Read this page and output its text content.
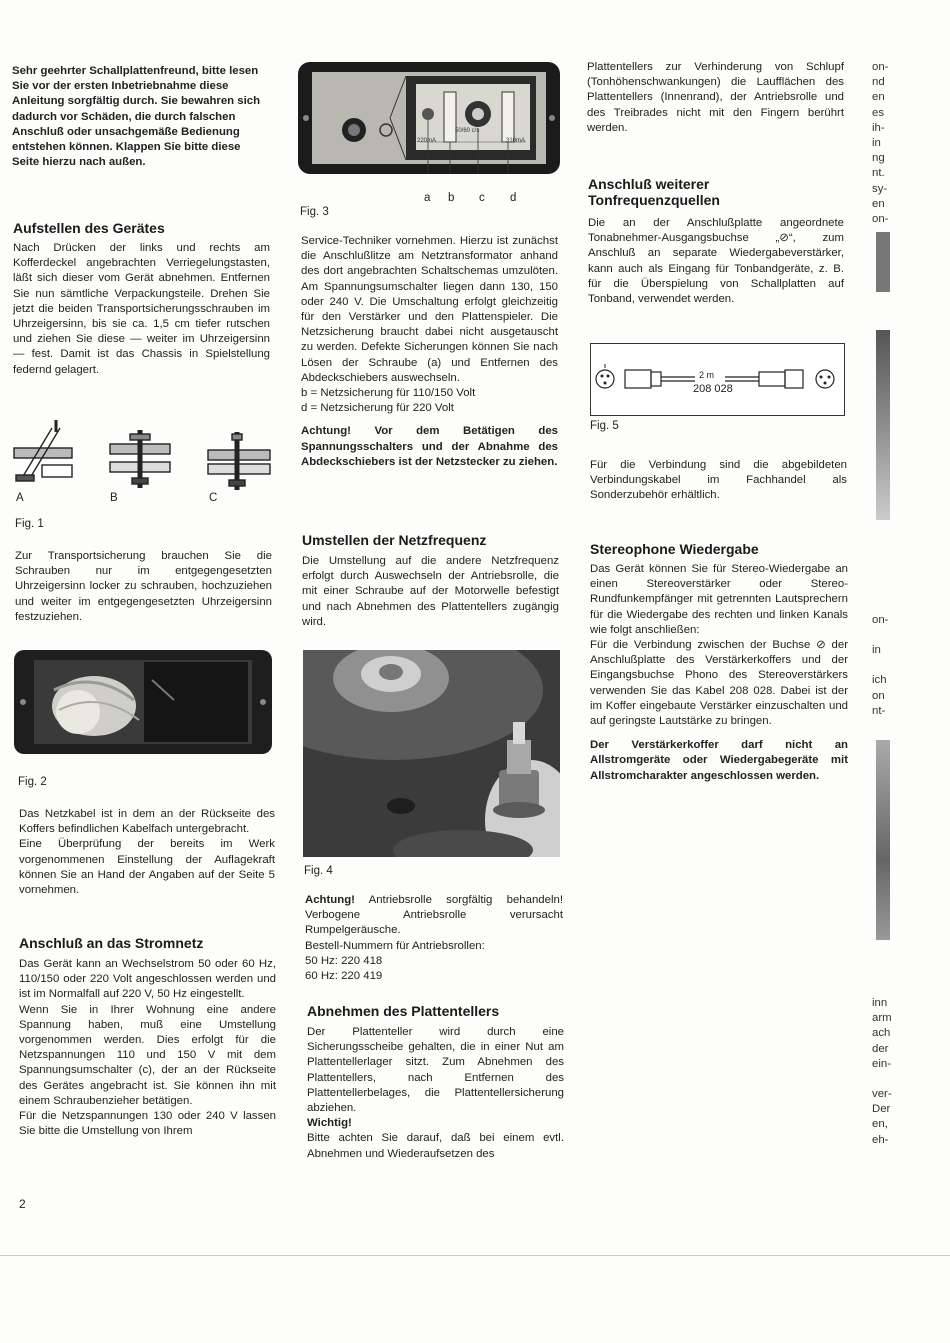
Sehr geehrter Schallplattenfreund, bitte lesen Sie vor der ersten Inbetriebnahme diese Anleitung sorgfältig durch. Sie bewahren sich dadurch vor Schäden, die durch falschen Anschluß oder unsachgemäße Bedienung entstehen können. Klappen Sie bitte diese Seite hierzu nach außen.

Aufstellen des Gerätes

Nach Drücken der links und rechts am Kofferdeckel angebrachten Verriegelungstasten, läßt sich dieser vom Gerät abnehmen. Entfernen Sie nun sämtliche Verpackungsteile. Drehen Sie jetzt die beiden Transportsicherungsschrauben im Uhrzeigersinn, bis sie ca. 1,5 cm tiefer rutschen und ziehen Sie diese — weiter im Uhrzeigersinn — fest. Damit ist das Chassis in Spielstellung federnd gelagert.

A	B	C
Fig. 1

Zur Transportsicherung brauchen Sie die Schrauben nur im entgegengesetzten Uhrzeigersinn locker zu schrauben, hochzuziehen und weiter im entgegengesetzten Uhrzeigersinn festzuziehen.

Fig. 2

Das Netzkabel ist in dem an der Rückseite des Koffers befindlichen Kabelfach untergebracht.

Eine Überprüfung der bereits im Werk vorgenommenen Einstellung der Auflagekraft können Sie an Hand der Angaben auf der Seite 5 vornehmen.

Anschluß an das Stromnetz

Das Gerät kann an Wechselstrom 50 oder 60 Hz, 110/150 oder 220 Volt angeschlossen werden und ist im Normalfall auf 220 V, 50 Hz eingestellt.

Wenn Sie in Ihrer Wohnung eine andere Spannung haben, muß eine Umstellung vorgenommen werden. Dies erfolgt für die Netzspannungen 110 und 150 V mit dem Spannungsumschalter (c), der an der Rückseite des Gerätes angebracht ist. Sie können ihn mit einem Schraubenzieher betätigen.

Für die Netzspannungen 130 oder 240 V lassen Sie bitte die Umstellung von Ihrem

2
220mA
50/60 c/s
310mA
a b c d
Fig. 3

Service-Techniker vornehmen. Hierzu ist zunächst die Anschlußlitze am Netztransformator anhand des dort angebrachten Schaltschemas umzulöten. Am Spannungsumschalter liegen dann 130, 150 oder 240 V. Die Umschaltung erfolgt gleichzeitig für den Verstärker und den Plattenspieler. Die Netzsicherung braucht dabei nicht ausgetauscht zu werden. Defekte Sicherungen können Sie nach Lösen der Schraube (a) und Entfernen des Abdeckschiebers auswechseln.

b = Netzsicherung für 110/150 Volt

d = Netzsicherung für 220 Volt

Achtung! Vor dem Betätigen des Spannungsschalters und der Abnahme des Abdeckschiebers ist der Netzstecker zu ziehen.

Umstellen der Netzfrequenz

Die Umstellung auf die andere Netzfrequenz erfolgt durch Auswechseln der Antriebsrolle, die mit einer Schraube auf der Motorwelle befestigt und nach Abnehmen des Plattentellers zugängig wird.

Fig. 4

Achtung! Antriebsrolle sorgfältig behandeln! Verbogene Antriebsrolle verursacht Rumpelgeräusche.

Bestell-Nummern für Antriebsrollen:

50 Hz: 220 418

60 Hz: 220 419

Abnehmen des Plattentellers

Der Plattenteller wird durch eine Sicherungsscheibe gehalten, die in einer Nut am Plattentellerlager sitzt. Zum Abnehmen des Plattentellers, nach Entfernen des Plattentellerbelages, die Plattentellersicherung abziehen.

Wichtig!

Bitte achten Sie darauf, daß bei einem evtl. Abnehmen und Wiederaufsetzen des

Plattentellers zur Verhinderung von Schlupf (Tonhöhenschwankungen) die Laufflächen des Plattentellers (Innenrand), der Antriebsrolle und des Treibrades nicht mit den Fingern berührt werden.

Anschluß weiterer Tonfrequenzquellen

Die an der Anschlußplatte angeordnete Tonabnehmer-Ausgangsbuchse „⊘“, zum Anschluß an separate Wiedergabeverstärker, kann auch als Eingang für Tonbandgeräte, z. B. für die Überspielung von Schallplatten auf Tonband, verwendet werden.

2 m
208 028
Fig. 5

Für die Verbindung sind die abgebildeten Verbindungskabel im Fachhandel als Sonderzubehör erhältlich.

Stereophone Wiedergabe

Das Gerät können Sie für Stereo-Wiedergabe an einen Stereoverstärker oder Stereo-Rundfunkempfänger mit getrennten Lautsprechern für die Wiedergabe des rechten und linken Kanals wie folgt anschließen:

Für die Verbindung zwischen der Buchse ⊘ der Anschlußplatte des Verstärkerkoffers und der Eingangsbuchse Phono des Stereoverstärkers verwenden Sie das Kabel 208 028. Dabei ist der im Koffer eingebaute Verstärker einzuschalten und auf geringste Lautstärke zu bringen.

Der Verstärkerkoffer darf nicht an Allstromgeräte oder Wiedergabegeräte mit Allstromcharakter angeschlossen werden.

on-
nd
en
es
ih-
in
ng
nt.
sy-
en
on-
on-
in
ich
on
nt-
inn
arm
ach
der
ein-
ver-
Der
en,
eh-
